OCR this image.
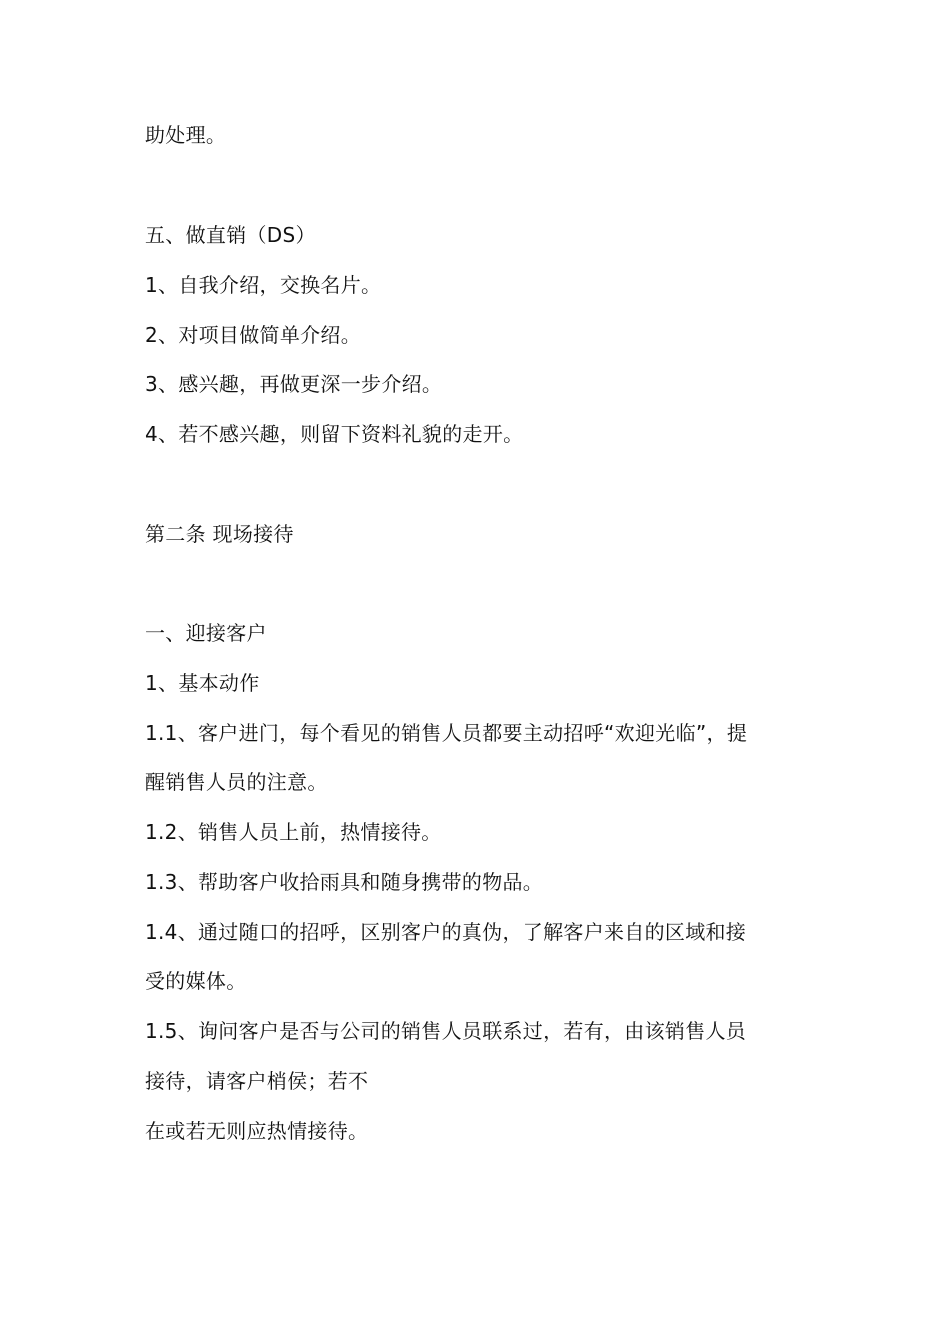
助处理。
五、做直销（DS）
1、自我介绍，交换名片。
2、对项目做简单介绍。
3、感兴趣，再做更深一步介绍。
4、若不感兴趣，则留下资料礼貌的走开。
第二条 现场接待
一、迎接客户
1、基本动作
1.1、客户进门，每个看见的销售人员都要主动招呼“欢迎光临”，提
醒销售人员的注意。
1.2、销售人员上前，热情接待。
1.3、帮助客户收拾雨具和随身携带的物品。
1.4、通过随口的招呼，区别客户的真伪，了解客户来自的区域和接
受的媒体。
1.5、询问客户是否与公司的销售人员联系过，若有，由该销售人员
接待，请客户梢侯；若不
在或若无则应热情接待。
